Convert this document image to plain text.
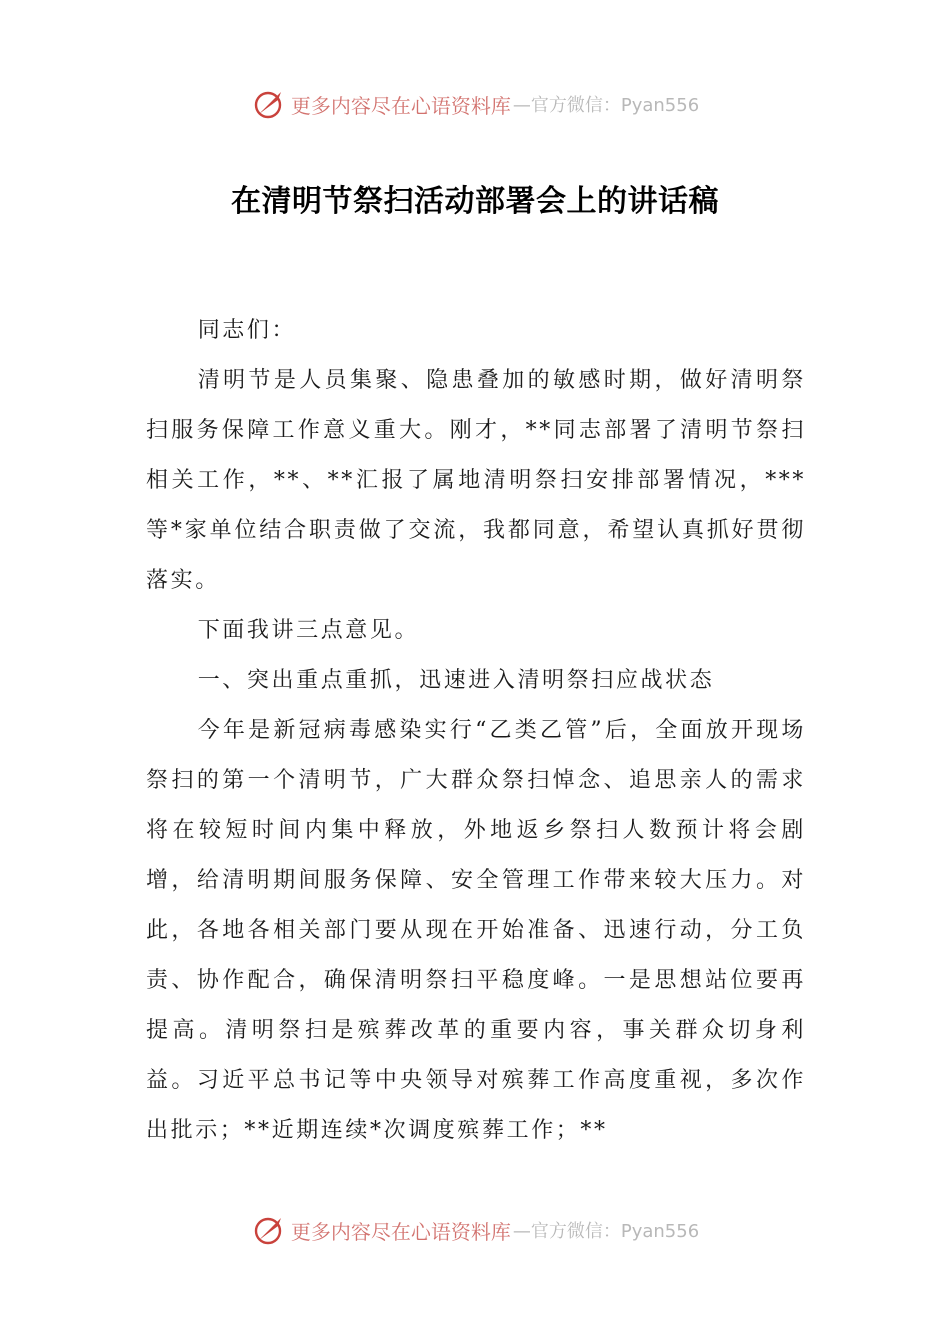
更多内容尽在心语资料库 —官方微信：Pyan556
在清明节祭扫活动部署会上的讲话稿

同志们：

清明节是人员集聚、隐患叠加的敏感时期，做好清明祭扫服务保障工作意义重大。刚才，**同志部署了清明节祭扫相关工作，**、**汇报了属地清明祭扫安排部署情况，***等*家单位结合职责做了交流，我都同意，希望认真抓好贯彻落实。

下面我讲三点意见。

一、突出重点重抓，迅速进入清明祭扫应战状态

今年是新冠病毒感染实行“乙类乙管”后，全面放开现场祭扫的第一个清明节，广大群众祭扫悼念、追思亲人的需求将在较短时间内集中释放，外地返乡祭扫人数预计将会剧增，给清明期间服务保障、安全管理工作带来较大压力。对此，各地各相关部门要从现在开始准备、迅速行动，分工负责、协作配合，确保清明祭扫平稳度峰。一是思想站位要再提高。清明祭扫是殡葬改革的重要内容，事关群众切身利益。习近平总书记等中央领导对殡葬工作高度重视，多次作出批示；**近期连续*次调度殡葬工作；**

更多内容尽在心语资料库 —官方微信：Pyan556
